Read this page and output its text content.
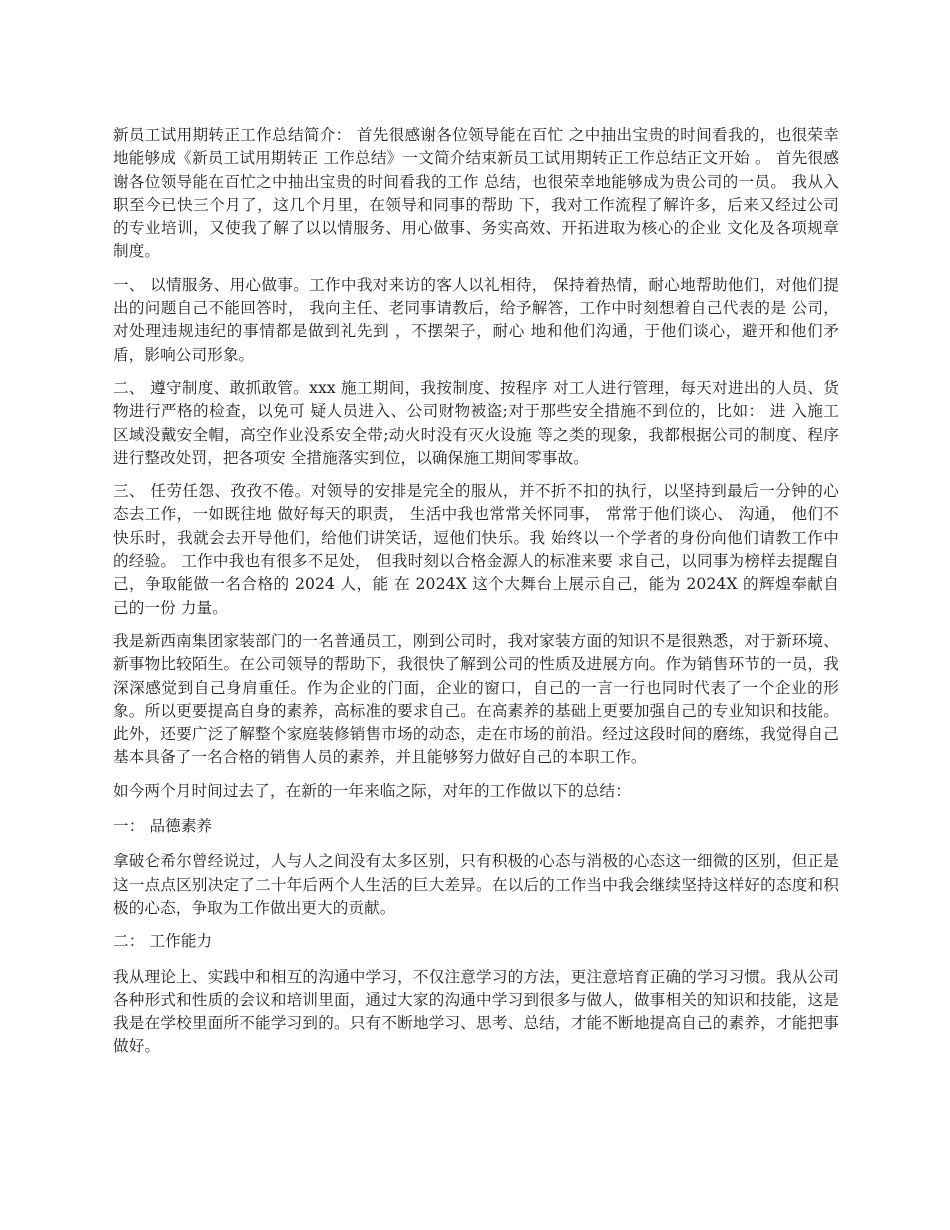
新员工试用期转正工作总结简介： 首先很感谢各位领导能在百忙 之中抽出宝贵的时间看我的，也很荣幸地能够成《新员工试用期转正 工作总结》一文简介结束新员工试用期转正工作总结正文开始 。 首先很感谢各位领导能在百忙之中抽出宝贵的时间看我的工作 总结，也很荣幸地能够成为贵公司的一员。 我从入职至今已快三个月了，这几个月里，在领导和同事的帮助 下，我对工作流程了解许多，后来又经过公司的专业培训，又使我了解了以以情服务、用心做事、务实高效、开拓进取为核心的企业 文化及各项规章制度。

一、 以情服务、用心做事。工作中我对来访的客人以礼相待， 保持着热情，耐心地帮助他们，对他们提出的问题自己不能回答时， 我向主任、老同事请教后，给予解答，工作中时刻想着自己代表的是 公司，对处理违规违纪的事情都是做到礼先到 ，不摆架子，耐心 地和他们沟通，于他们谈心，避开和他们矛盾，影响公司形象。

二、 遵守制度、敢抓敢管。xxx 施工期间，我按制度、按程序 对工人进行管理，每天对进出的人员、货物进行严格的检查，以免可 疑人员进入、公司财物被盗;对于那些安全措施不到位的，比如： 进 入施工区域没戴安全帽，高空作业没系安全带;动火时没有灭火设施 等之类的现象，我都根据公司的制度、程序进行整改处罚，把各项安 全措施落实到位，以确保施工期间零事故。

三、 任劳任怨、孜孜不倦。对领导的安排是完全的服从，并不折不扣的执行，以坚持到最后一分钟的心态去工作，一如既往地 做好每天的职责， 生活中我也常常关怀同事， 常常于他们谈心、 沟通， 他们不快乐时，我就会去开导他们，给他们讲笑话，逗他们快乐。我 始终以一个学者的身份向他们请教工作中的经验。 工作中我也有很多不足处， 但我时刻以合格金源人的标准来要 求自己，以同事为榜样去提醒自己，争取能做一名合格的 2024 人，能 在 2024X 这个大舞台上展示自己，能为 2024X 的辉煌奉献自己的一份 力量。

我是新西南集团家装部门的一名普通员工，刚到公司时，我对家装方面的知识不是很熟悉，对于新环境、新事物比较陌生。在公司领导的帮助下，我很快了解到公司的性质及进展方向。作为销售环节的一员，我深深感觉到自己身肩重任。作为企业的门面，企业的窗口，自己的一言一行也同时代表了一个企业的形象。所以更要提高自身的素养，高标准的要求自己。在高素养的基础上更要加强自己的专业知识和技能。此外，还要广泛了解整个家庭装修销售市场的动态，走在市场的前沿。经过这段时间的磨练，我觉得自己基本具备了一名合格的销售人员的素养，并且能够努力做好自己的本职工作。

如今两个月时间过去了，在新的一年来临之际，对年的工作做以下的总结：

一： 品德素养

拿破仑希尔曾经说过，人与人之间没有太多区别，只有积极的心态与消极的心态这一细微的区别，但正是这一点点区别决定了二十年后两个人生活的巨大差异。在以后的工作当中我会继续坚持这样好的态度和积极的心态，争取为工作做出更大的贡献。

二： 工作能力

我从理论上、实践中和相互的沟通中学习，不仅注意学习的方法，更注意培育正确的学习习惯。我从公司各种形式和性质的会议和培训里面，通过大家的沟通中学习到很多与做人，做事相关的知识和技能，这是我是在学校里面所不能学习到的。只有不断地学习、思考、总结，才能不断地提高自己的素养，才能把事做好。
